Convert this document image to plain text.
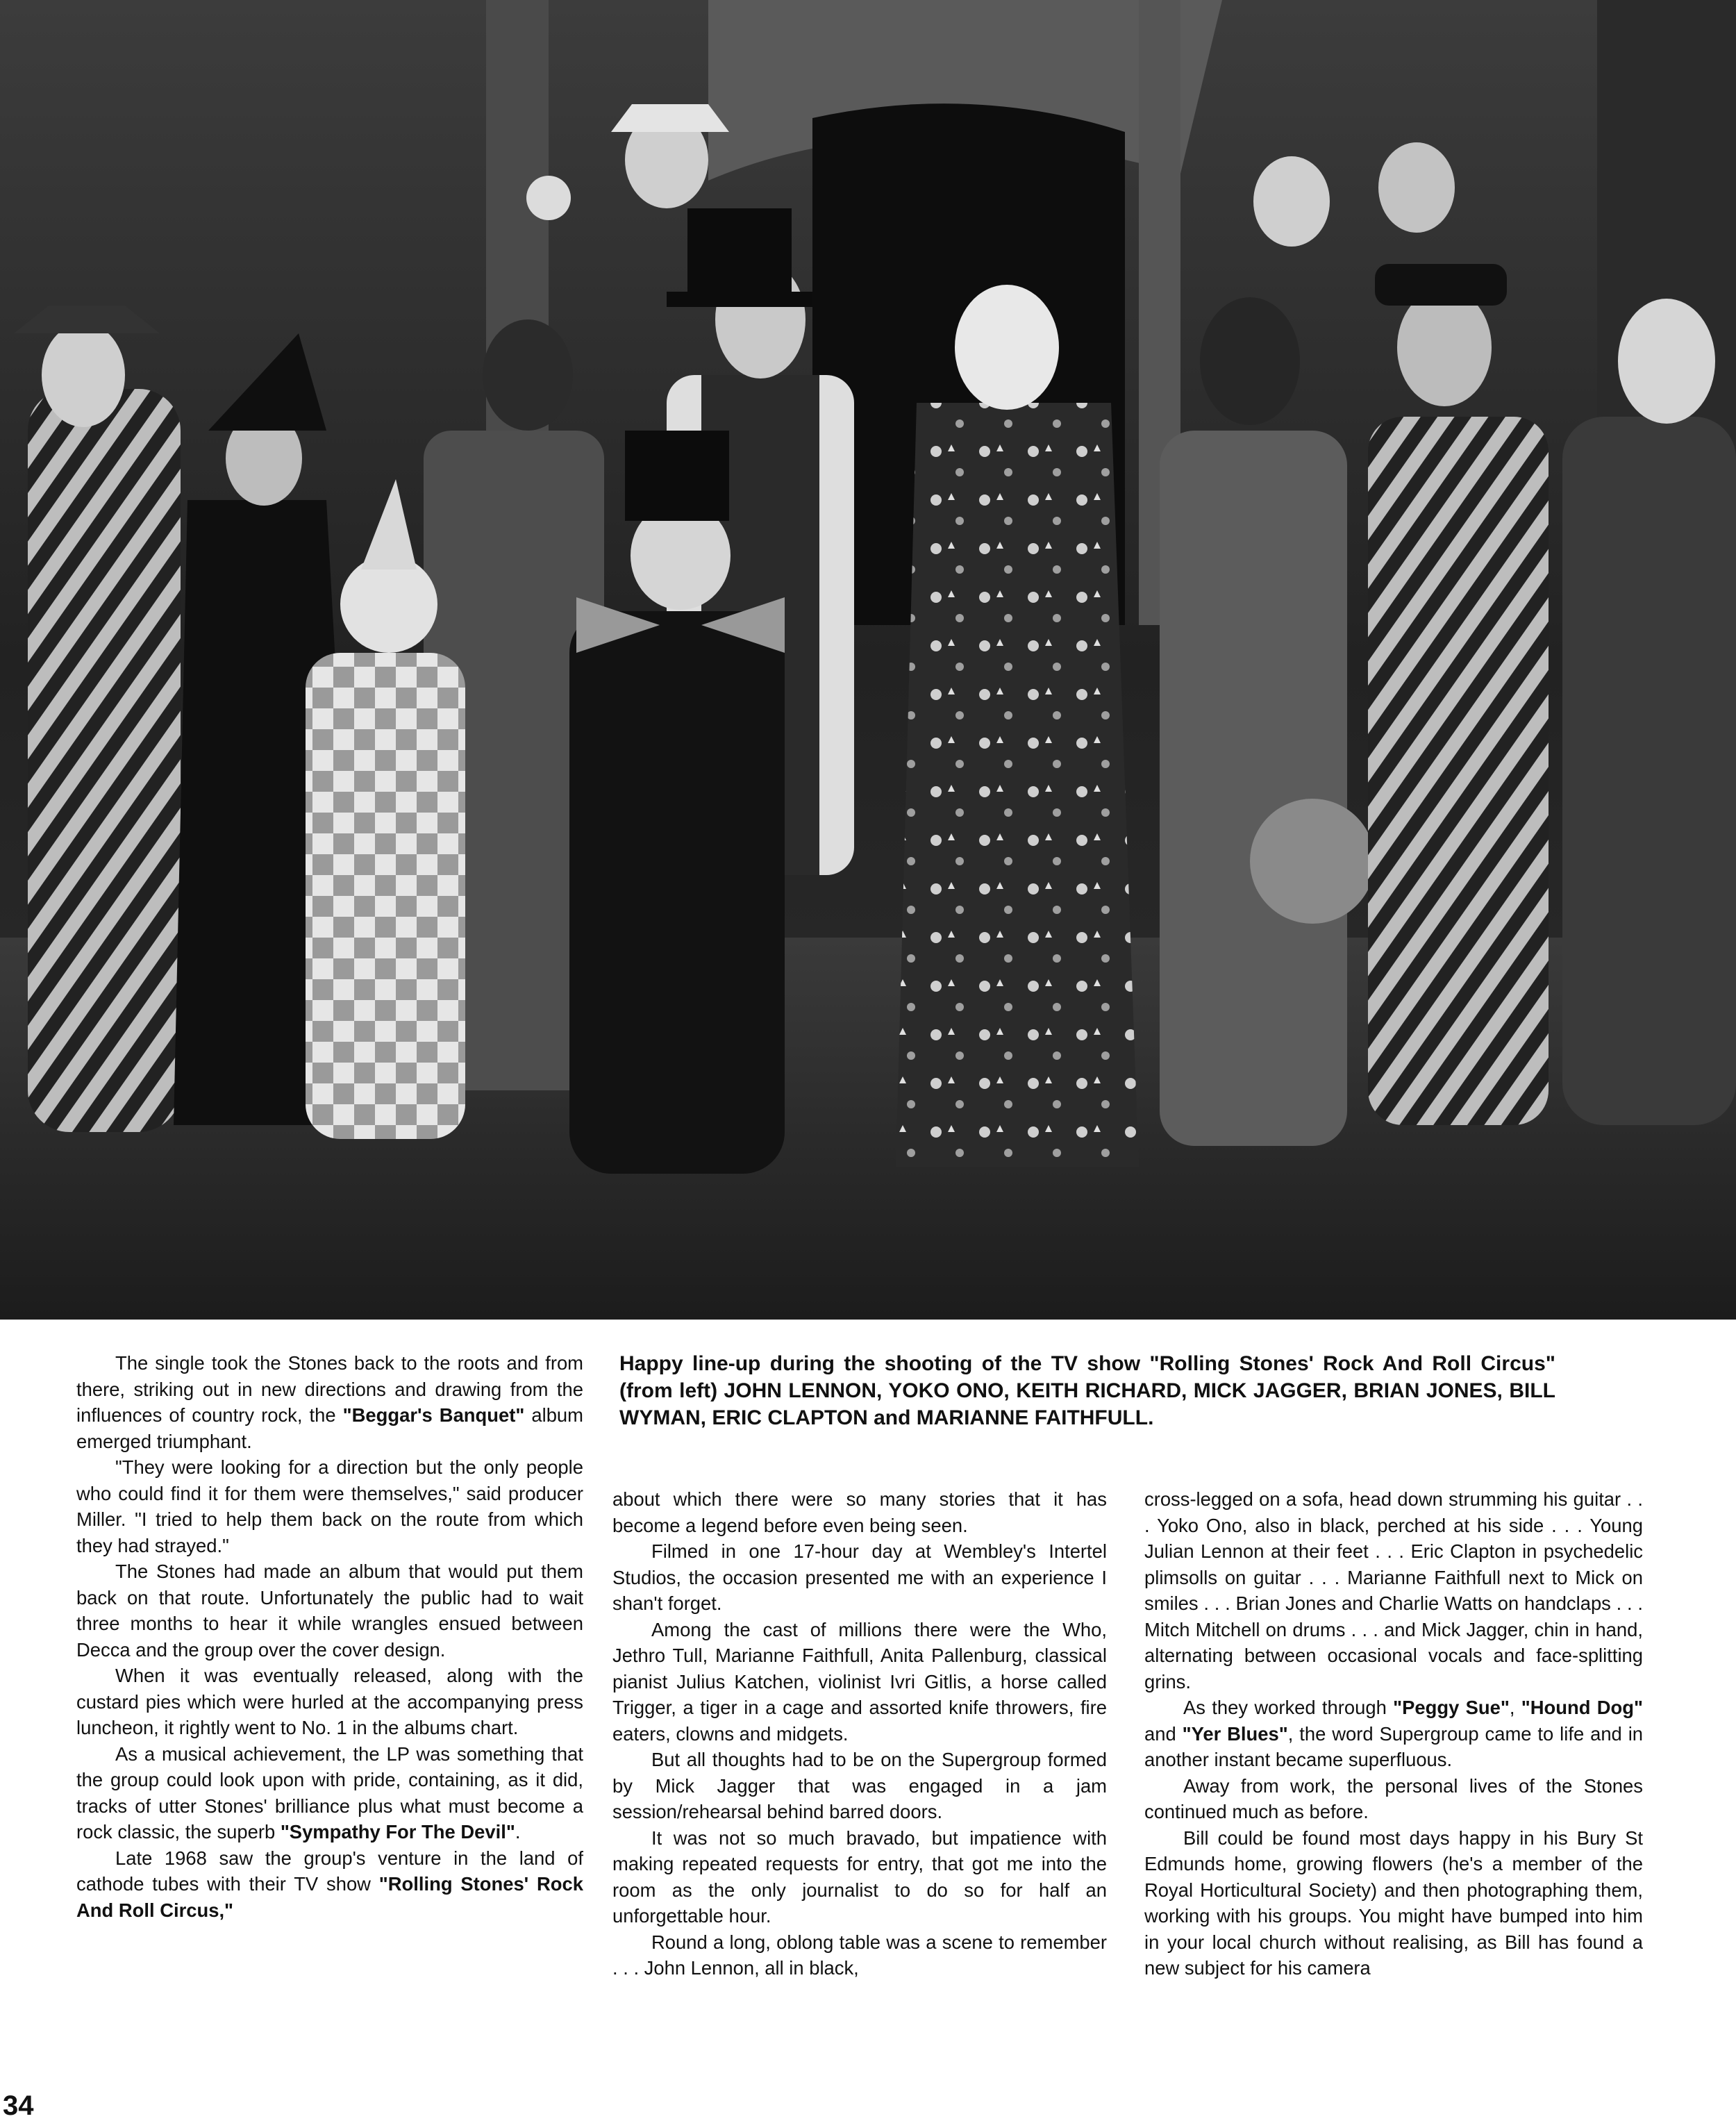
Happy line-up during the shooting of the TV show "Rolling Stones' Rock And Roll Circus" (from left) JOHN LENNON, YOKO ONO, KEITH RICHARD, MICK JAGGER, BRIAN JONES, BILL WYMAN, ERIC CLAPTON and MARIANNE FAITHFULL.

The single took the Stones back to the roots and from there, striking out in new directions and drawing from the influences of country rock, the "Beggar's Banquet" album emerged triumphant.

"They were looking for a direction but the only people who could find it for them were themselves," said producer Miller. "I tried to help them back on the route from which they had strayed."

The Stones had made an album that would put them back on that route. Unfortunately the public had to wait three months to hear it while wrangles ensued between Decca and the group over the cover design.

When it was eventually released, along with the custard pies which were hurled at the accompanying press luncheon, it rightly went to No. 1 in the albums chart.

As a musical achievement, the LP was something that the group could look upon with pride, containing, as it did, tracks of utter Stones' brilliance plus what must become a rock classic, the superb "Sympathy For The Devil".

Late 1968 saw the group's venture in the land of cathode tubes with their TV show "Rolling Stones' Rock And Roll Circus,"

about which there were so many stories that it has become a legend before even being seen.

Filmed in one 17-hour day at Wembley's Intertel Studios, the occasion presented me with an experience I shan't forget.

Among the cast of millions there were the Who, Jethro Tull, Marianne Faithfull, Anita Pallenburg, classical pianist Julius Katchen, violinist Ivri Gitlis, a horse called Trigger, a tiger in a cage and assorted knife throwers, fire eaters, clowns and midgets.

But all thoughts had to be on the Supergroup formed by Mick Jagger that was engaged in a jam session/rehearsal behind barred doors.

It was not so much bravado, but impatience with making repeated requests for entry, that got me into the room as the only journalist to do so for half an unforgettable hour.

Round a long, oblong table was a scene to remember . . . John Lennon, all in black,

cross-legged on a sofa, head down strumming his guitar . . . Yoko Ono, also in black, perched at his side . . . Young Julian Lennon at their feet . . . Eric Clapton in psychedelic plimsolls on guitar . . . Marianne Faithfull next to Mick on smiles . . . Brian Jones and Charlie Watts on handclaps . . . Mitch Mitchell on drums . . . and Mick Jagger, chin in hand, alternating between occasional vocals and face-splitting grins.

As they worked through "Peggy Sue", "Hound Dog" and "Yer Blues", the word Supergroup came to life and in another instant became superfluous.

Away from work, the personal lives of the Stones continued much as before.

Bill could be found most days happy in his Bury St Edmunds home, growing flowers (he's a member of the Royal Horticultural Society) and then photographing them, working with his groups. You might have bumped into him in your local church without realising, as Bill has found a new subject for his camera

34
